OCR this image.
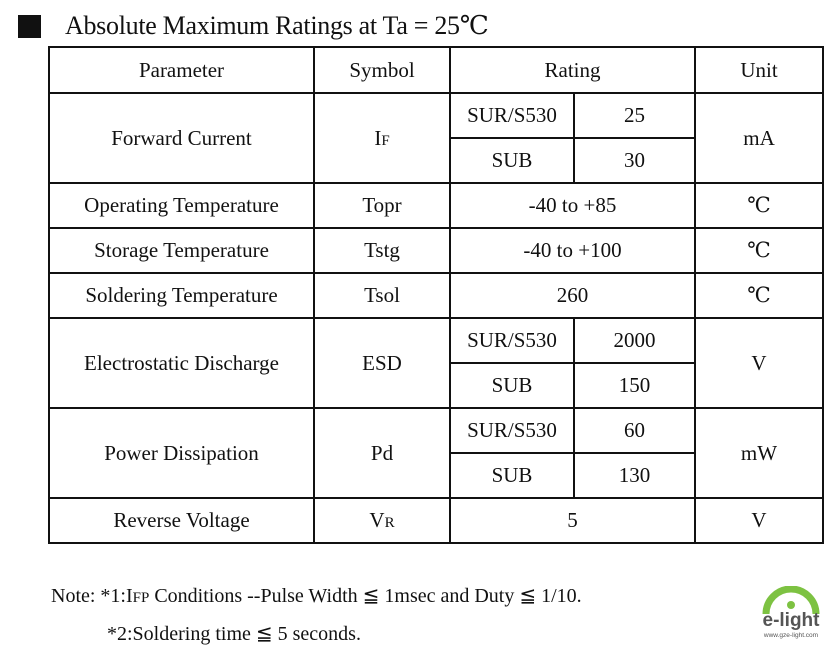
Absolute Maximum Ratings at Ta = 25℃
Parameter	Symbol	Rating		Unit
Forward Current	IF	SUR/S530	25	mA
		SUB	30	
Operating Temperature	Topr	-40 to +85		℃
Storage Temperature	Tstg	-40 to +100		℃
Soldering Temperature	Tsol	260		℃
Electrostatic Discharge	ESD	SUR/S530	2000	V
		SUB	150	
Power Dissipation	Pd	SUR/S530	60	mW
		SUB	130	
Reverse Voltage	VR	5		V
Note: *1:IFP Conditions --Pulse Width ≦ 1msec and Duty ≦ 1/10.
*2:Soldering time ≦ 5 seconds.
e-light
www.gze-light.com
